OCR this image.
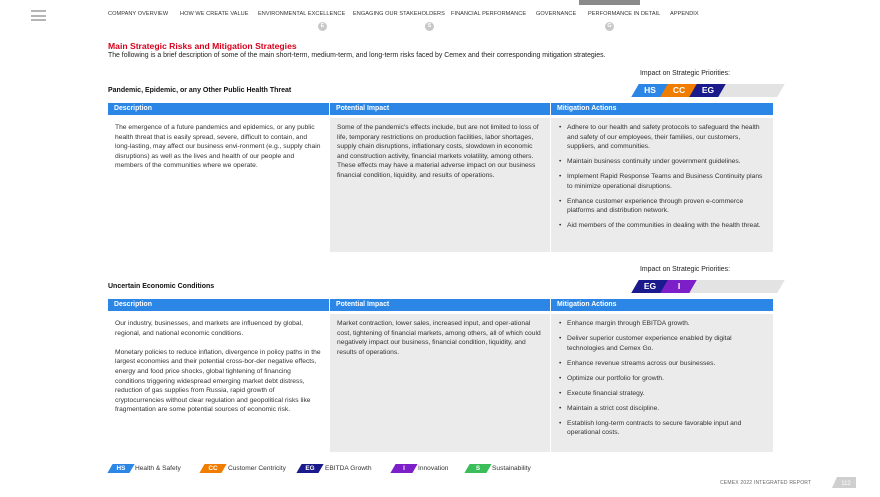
COMPANY OVERVIEW HOW WE CREATE VALUE ENVIRONMENTAL EXCELLENCE
E
ENGAGING OUR STAKEHOLDERS
S
FINANCIAL PERFORMANCE GOVERNANCE PERFORMANCE IN DETAIL
G
APPENDIX
Main Strategic Risks and Mitigation Strategies
The following is a brief description of some of the main short-term, medium-term, and long-term risks faced by Cemex and their corresponding mitigation strategies.
Impact on Strategic Priorities:
HS	CC	EG
Pandemic, Epidemic, or any Other Public Health Threat
Description	Potential Impact	Mitigation Actions

The emergence of a future pandemics and epidemics, or any public health threat that is easily spread, severe, difficult to contain, and long-lasting, may affect our business envi-ronment (e.g., supply chain disruptions) as well as the lives and health of our people and members of the communities where we operate.

Some of the pandemic’s effects include, but are not limited to loss of life, temporary restrictions on production facilities, labor shortages, supply chain disruptions, inflationary costs, slowdown in economic and construction activity, financial markets volatility, among others. These effects may have a material adverse impact on our business financial condition, liquidity, and results of operations.

• Adhere to our health and safety protocols to safeguard the health and safety of our employees, their families, our customers, suppliers, and communities.
• Maintain business continuity under government guidelines.
• Implement Rapid Response Teams and Business Continuity plans to minimize operational disruptions.
• Enhance customer experience through proven e-commerce platforms and distribution network.
• Aid members of the communities in dealing with the health threat.
Impact on Strategic Priorities:
EG	I
Uncertain Economic Conditions
Description	Potential Impact	Mitigation Actions

Our industry, businesses, and markets are influenced by global, regional, and national economic conditions.

Monetary policies to reduce inflation, divergence in policy paths in the largest economies and their potential cross-bor-der negative effects, energy and food price shocks, global tightening of financing conditions triggering widespread emerging market debt distress, reduction of gas supplies from Russia, rapid growth of cryptocurrencies without clear regulation and geopolitical risks like fragmentation are some potential sources of economic risk.

Market contraction, lower sales, increased input, and oper-ational cost, tightening of financial markets, among others, all of which could negatively impact our business, financial condition, liquidity, and results of operations.

• Enhance margin through EBITDA growth.
• Deliver superior customer experience enabled by digital technologies and Cemex Go.
• Enhance revenue streams across our businesses.
• Optimize our portfolio for growth.
• Execute financial strategy.
• Maintain a strict cost discipline.
• Establish long-term contracts to secure favorable input and operational costs.
HS	Health & Safety	CC	Customer Centricity	EG	EBITDA Growth	I	Innovation	S	Sustainability
CEMEX 2022 INTEGRATED REPORT	112
